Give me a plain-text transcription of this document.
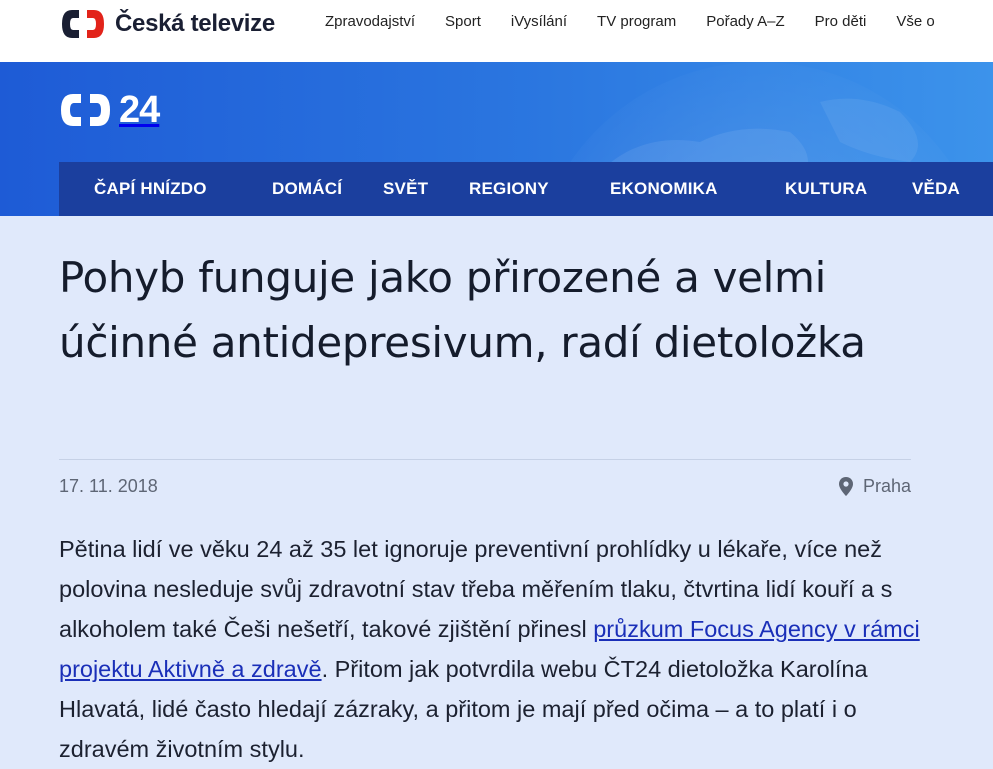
Česká televize	Zpravodajství Sport iVysílání TV program Pořady A–Z Pro děti Vše o
24
ČAPÍ HNÍZDO	DOMÁCÍ SVĚT REGIONY	EKONOMIKA	KULTURA	VĚDA
Pohyb funguje jako přirozené a velmi účinné antidepresivum, radí dietoložka
17. 11. 2018	Praha

Pětina lidí ve věku 24 až 35 let ignoruje preventivní prohlídky u lékaře, více než polovina nesleduje svůj zdravotní stav třeba měřením tlaku, čtvrtina lidí kouří a s alkoholem také Češi nešetří, takové zjištění přinesl průzkum Focus Agency v rámci projektu Aktivně a zdravě. Přitom jak potvrdila webu ČT24 dietoložka Karolína Hlavatá, lidé často hledají zázraky, a přitom je mají před očima – a to platí i o zdravém životním stylu.
